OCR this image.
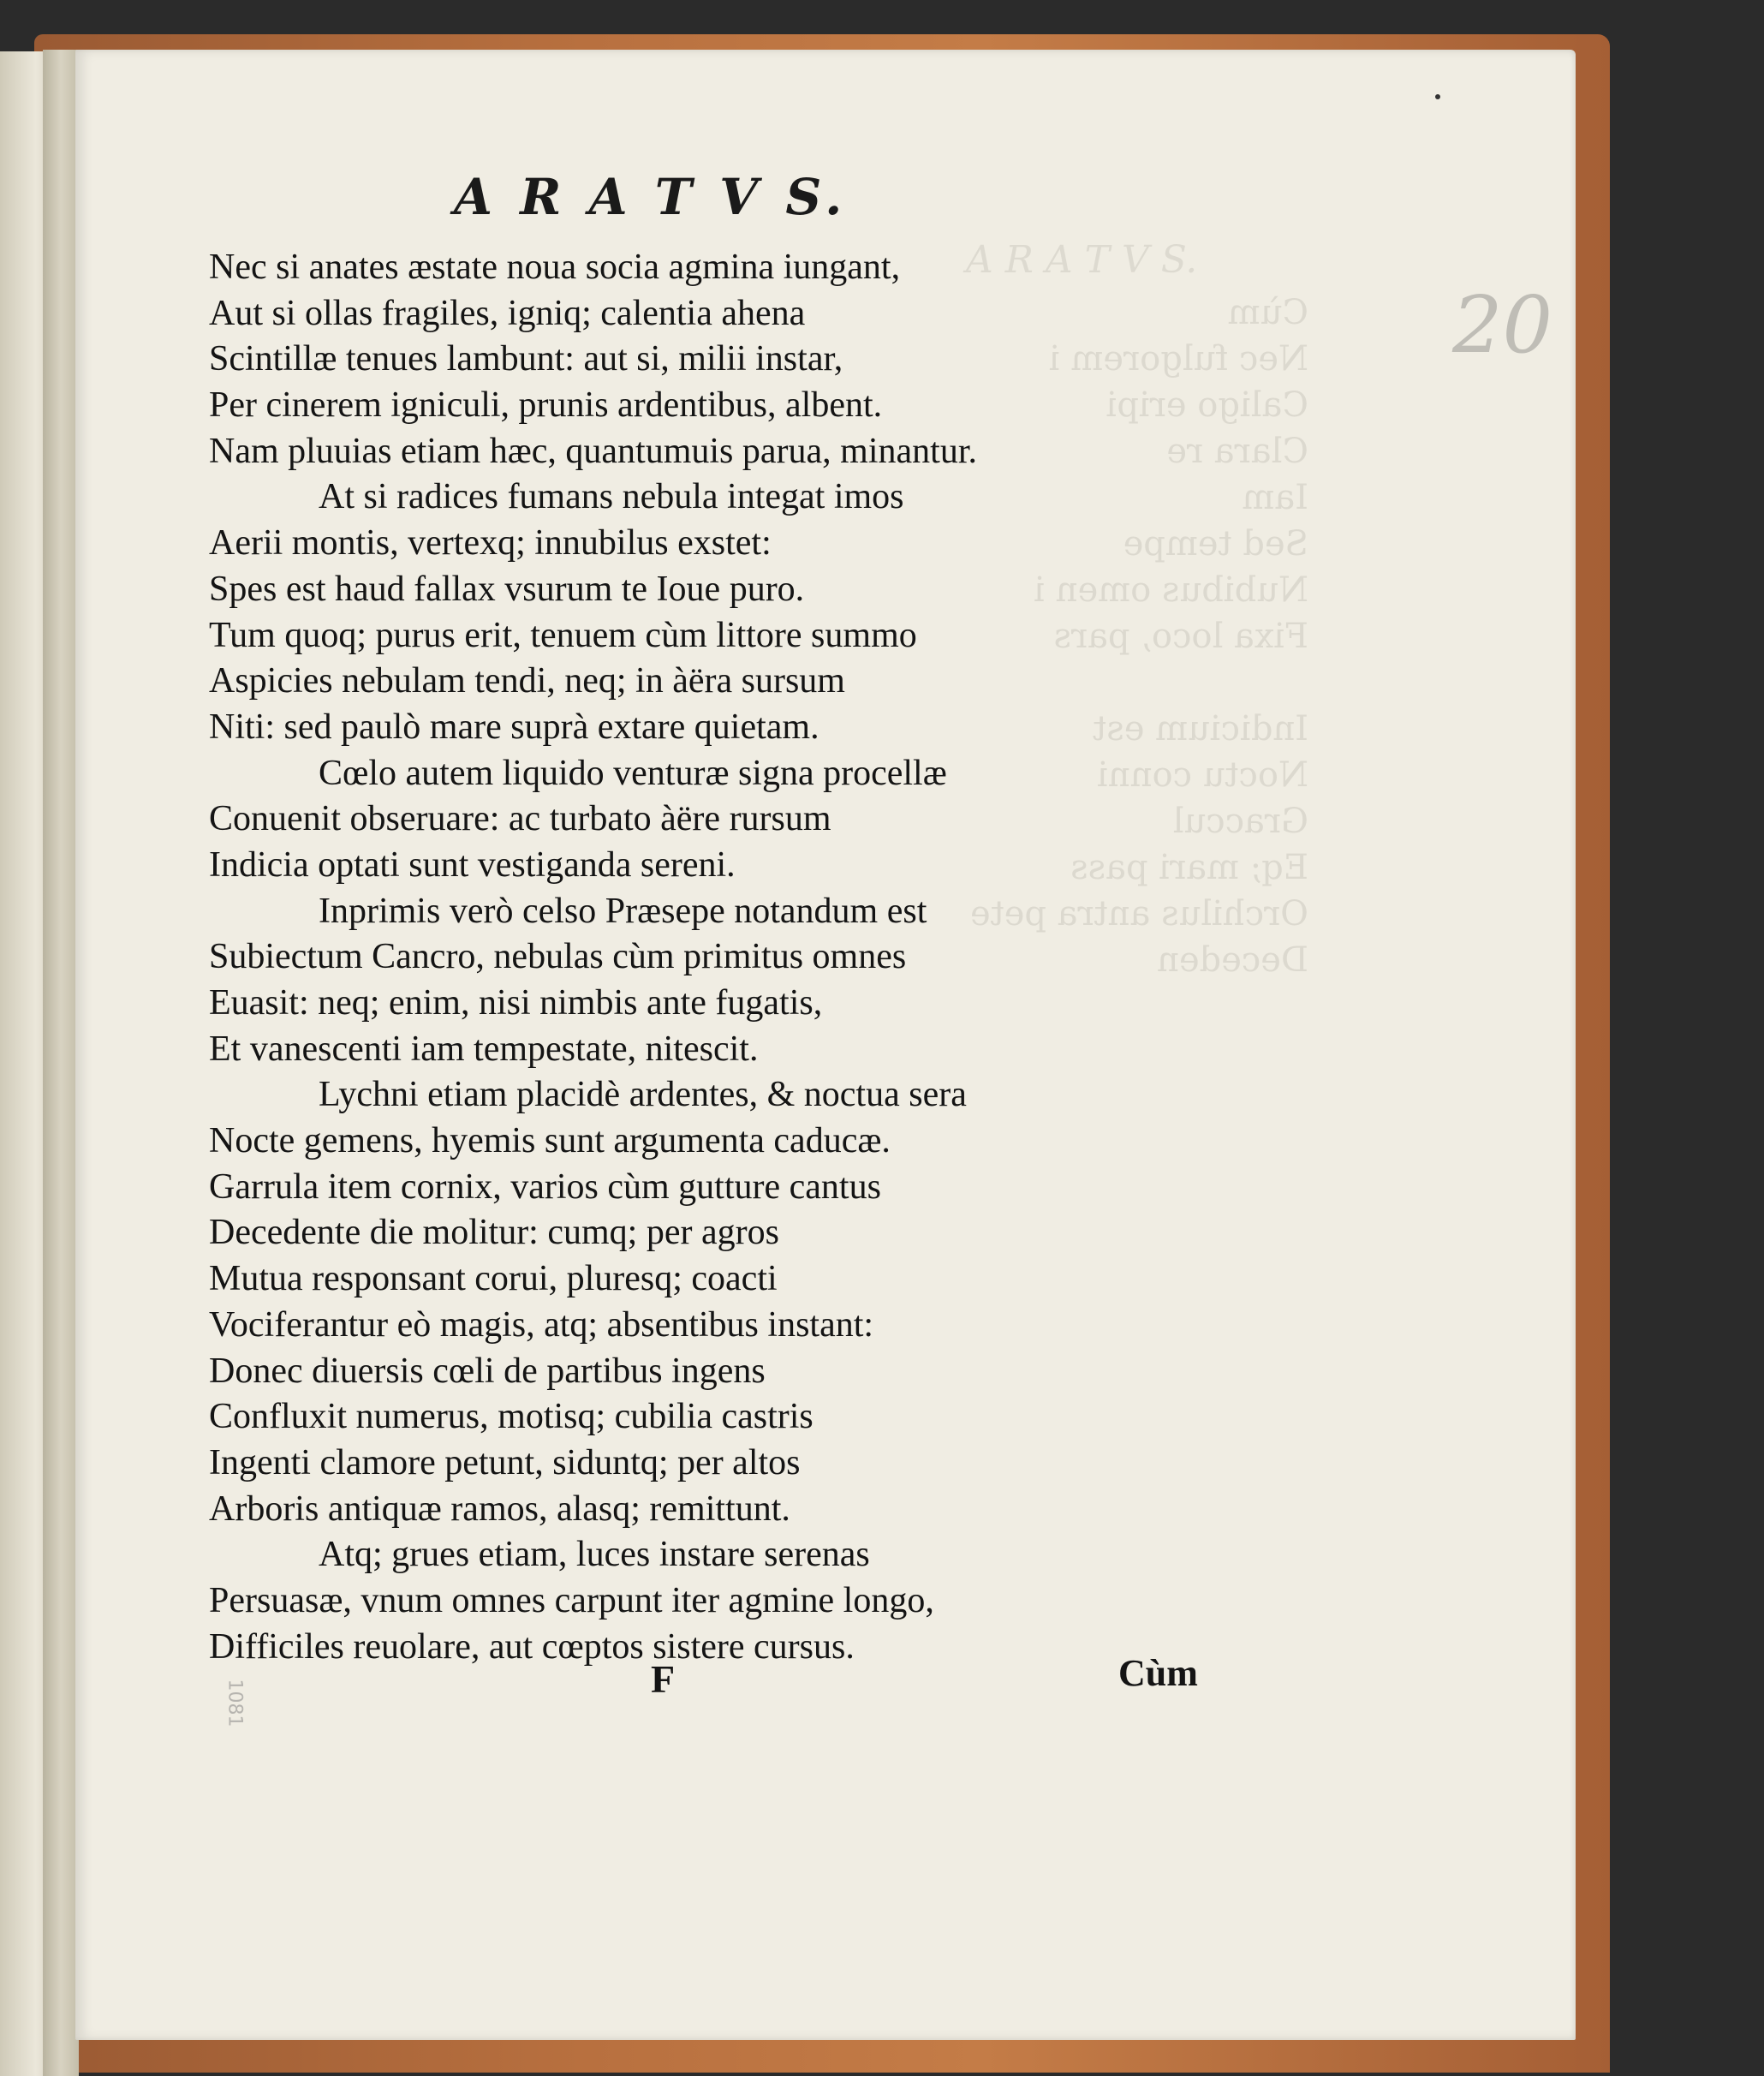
A R A T V S.
Cùm
Nec fulgorem i
Caligo eripi
Clara re
Iam
Sed tempe
Nubibus omen i
Fixa loco, pars

Indicium est
Noctu conni
Graccul
Eq; mari pass
Orchilus antra pete
Deceden
20
1081
A R A T V S.
Nec si anates æstate noua socia agmina iungant,
Aut si ollas fragiles, igniq; calentia ahena
Scintillæ tenues lambunt: aut si, milii instar,
Per cinerem igniculi, prunis ardentibus, albent.
Nam pluuias etiam hæc, quantumuis parua, minantur.
At si radices fumans nebula integat imos
Aerii montis, vertexq; innubilus exstet:
Spes est haud fallax vsurum te Ioue puro.
Tum quoq; purus erit, tenuem cùm littore summo
Aspicies nebulam tendi, neq; in àëra sursum
Niti: sed paulò mare suprà extare quietam.
Cœlo autem liquido venturæ signa procellæ
Conuenit obseruare: ac turbato àëre rursum
Indicia optati sunt vestiganda sereni.
Inprimis verò celso Præsepe notandum est
Subiectum Cancro, nebulas cùm primitus omnes
Euasit: neq; enim, nisi nimbis ante fugatis,
Et vanescenti iam tempestate, nitescit.
Lychni etiam placidè ardentes, & noctua sera
Nocte gemens, hyemis sunt argumenta caducæ.
Garrula item cornix, varios cùm gutture cantus
Decedente die molitur: cumq; per agros
Mutua responsant corui, pluresq; coacti
Vociferantur eò magis, atq; absentibus instant:
Donec diuersis cœli de partibus ingens
Confluxit numerus, motisq; cubilia castris
Ingenti clamore petunt, siduntq; per altos
Arboris antiquæ ramos, alasq; remittunt.
Atq; grues etiam, luces instare serenas
Persuasæ, vnum omnes carpunt iter agmine longo,
Difficiles reuolare, aut cœptos sistere cursus.
F	Cùm
